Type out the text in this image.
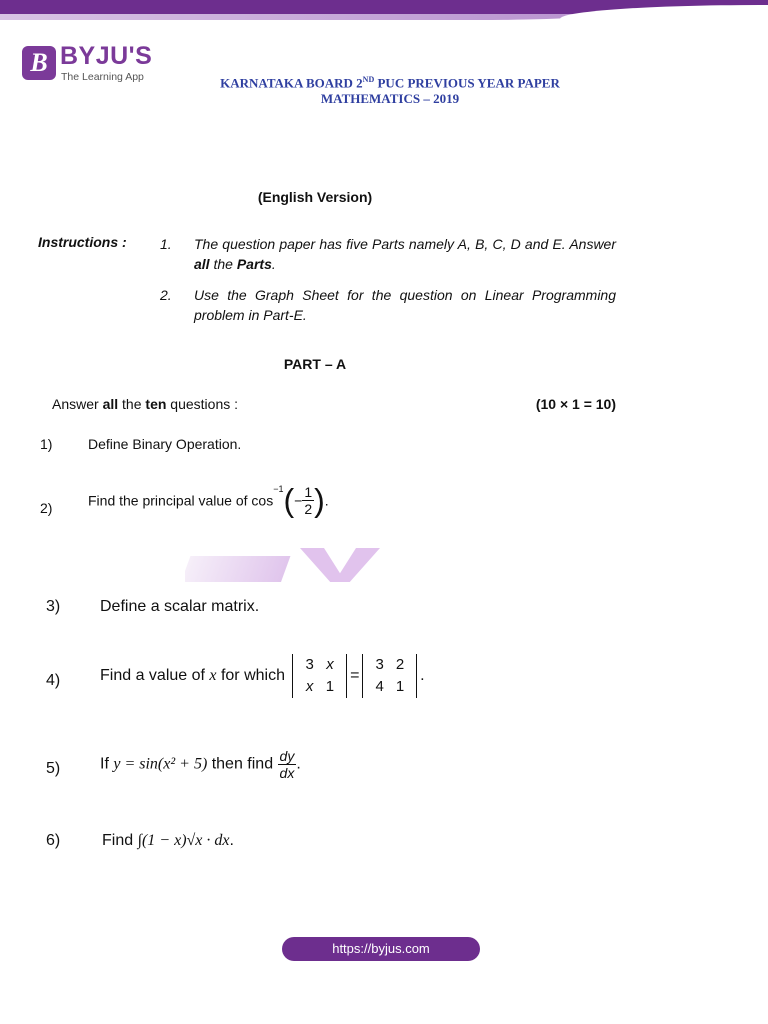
B BYJU'S
The Learning App	KARNATAKA BOARD 2ND PUC PREVIOUS YEAR PAPER
MATHEMATICS – 2019
(English Version)
Instructions : 1. The question paper has five Parts namely A, B, C, D and E. Answer all the Parts.
2. Use the Graph Sheet for the question on Linear Programming problem in Part-E.
PART – A
Answer all the ten questions :	(10 × 1 = 10)
1)	Define Binary Operation.
2)	Find the principal value of $\cos^{-1}(- \frac{1}{2}$ ).
3) Define a scalar matrix.
4) Find a value of x for which
3	x
x	1
=
3	2
4	1
.
5) If y = sin(x² + 5) then find $\frac{dy}{dx}$ .
6)	Find ∫(1 − x)√x · dx.
https://byjus.com
